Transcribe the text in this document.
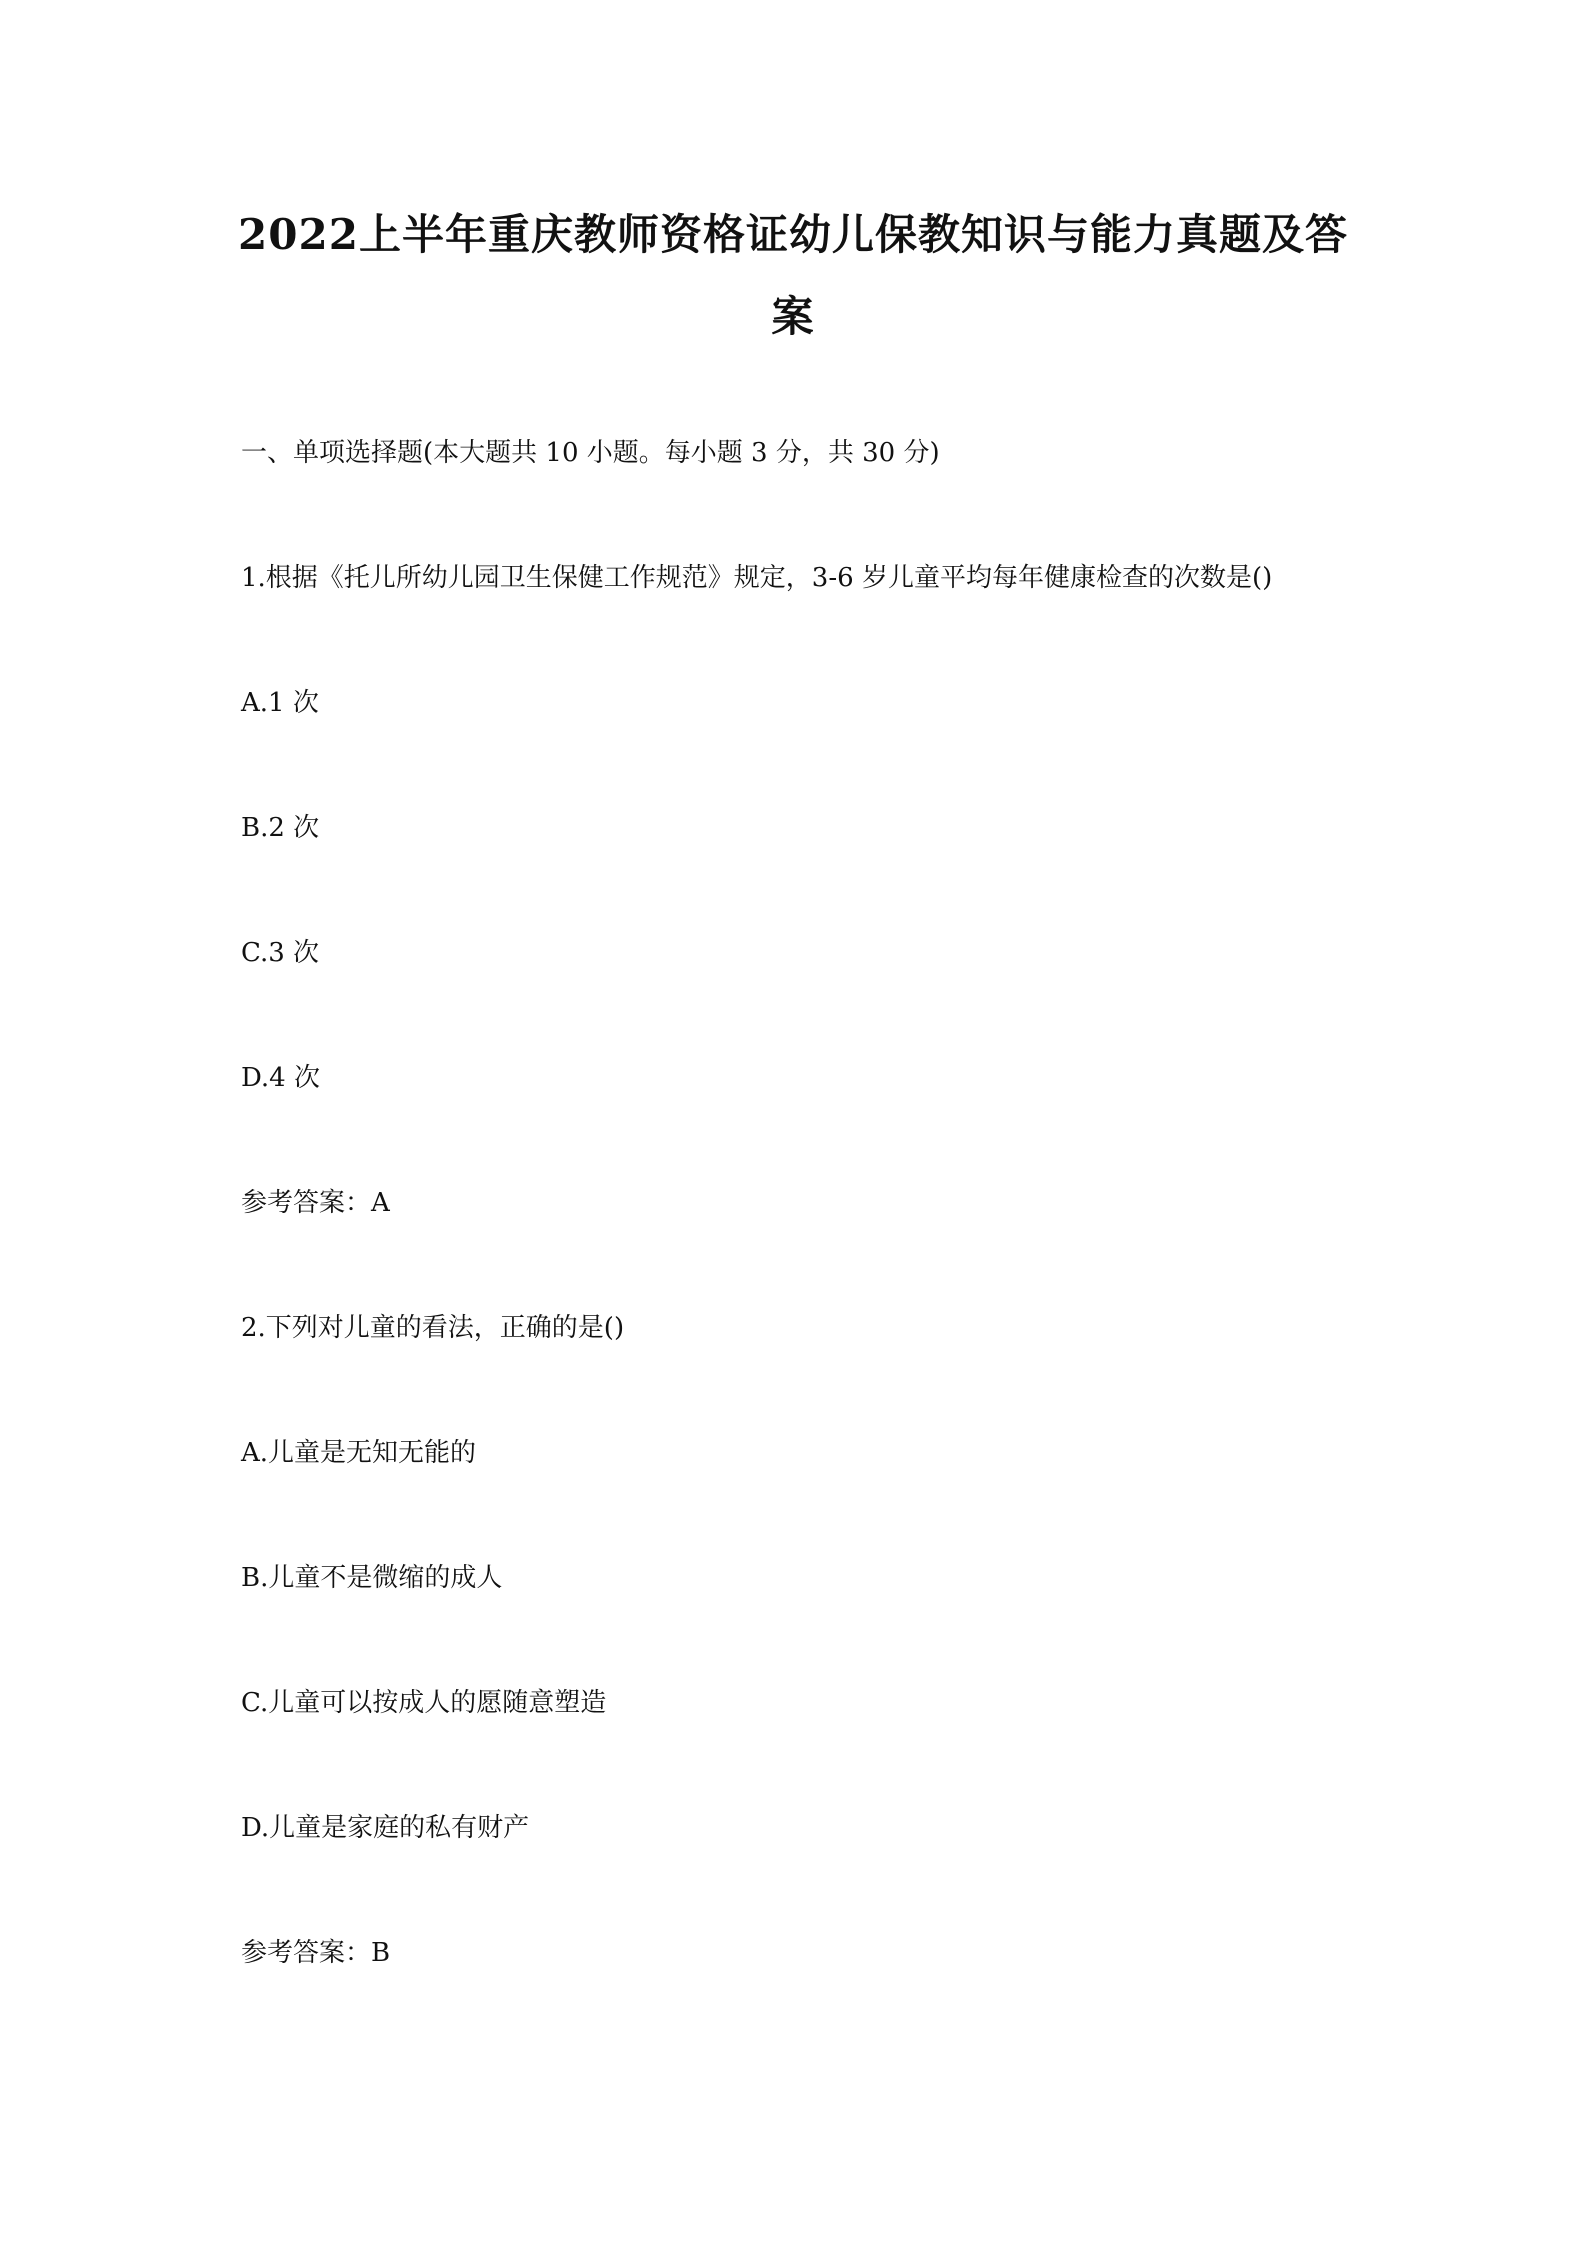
2022上半年重庆教师资格证幼儿保教知识与能力真题及答
案
一、单项选择题(本大题共 10 小题。每小题 3 分，共 30 分)
1.根据《托儿所幼儿园卫生保健工作规范》规定，3-6 岁儿童平均每年健康检查的次数是()
A.1 次
B.2 次
C.3 次
D.4 次
参考答案：A
2.下列对儿童的看法，正确的是()
A.儿童是无知无能的
B.儿童不是微缩的成人
C.儿童可以按成人的愿随意塑造
D.儿童是家庭的私有财产
参考答案：B
